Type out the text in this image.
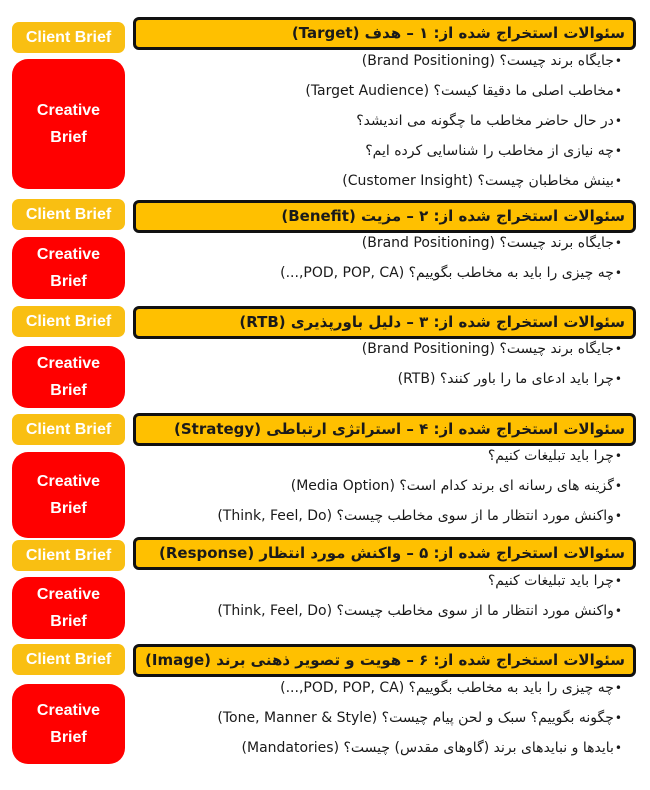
Client Brief	سئوالات استخراج شده از: ۱ – هدف (Target)
Creative
Brief
•جایگاه برند چیست؟ (Brand Positioning)
•مخاطب اصلی ما دقیقا کیست؟ (Target Audience)
•در حال حاضر مخاطب ما چگونه می اندیشد؟
•چه نیازی از مخاطب را شناسایی کرده ایم؟
•بینش مخاطبان چیست؟ (Customer Insight)
Client Brief	سئوالات استخراج شده از: ۲ – مزیت (Benefit)
Creative
Brief
•جایگاه برند چیست؟ (Brand Positioning)
•چه چیزی را باید به مخاطب بگوییم؟ (POD, POP, CA,...)
Client Brief	سئوالات استخراج شده از: ۳ – دلیل باورپذیری (RTB)
Creative
Brief
•جایگاه برند چیست؟ (Brand Positioning)
•چرا باید ادعای ما را باور کنند؟ (RTB)
Client Brief	سئوالات استخراج شده از: ۴ – استراتژی ارتباطی (Strategy)
Creative
Brief
•چرا باید تبلیغات کنیم؟
•گزینه های رسانه ای برند کدام است؟ (Media Option)
•واکنش مورد انتظار ما از سوی مخاطب چیست؟ (Think, Feel, Do)
Client Brief	سئوالات استخراج شده از: ۵ – واکنش مورد انتظار (Response)
Creative
Brief
•چرا باید تبلیغات کنیم؟
•واکنش مورد انتظار ما از سوی مخاطب چیست؟ (Think, Feel, Do)
Client Brief	سئوالات استخراج شده از: ۶ – هویت و تصویر ذهنی برند (Image)
Creative
Brief
•چه چیزی را باید به مخاطب بگوییم؟ (POD, POP, CA,...)
•چگونه بگوییم؟ سبک و لحن پیام چیست؟ (Tone, Manner & Style)
•بایدها و نبایدهای برند (گاوهای مقدس) چیست؟ (Mandatories)
